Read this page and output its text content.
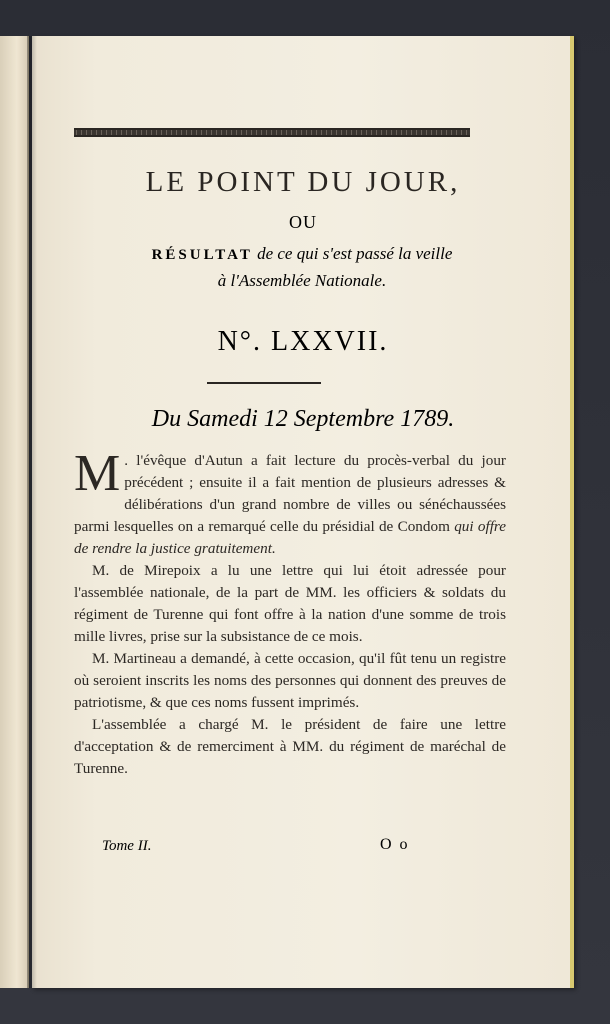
LE POINT DU JOUR,
OU
RÉSULTAT de ce qui s'est passé la veille
à l'Assemblée Nationale.
N°. LXXVII.
Du Samedi 12 Septembre 1789.

M . l'évêque d'Autun a fait lecture du procès-verbal du jour précédent ; ensuite il a fait mention de plusieurs adresses & délibérations d'un grand nombre de villes ou sénéchaussées parmi lesquelles on a remarqué celle du présidial de Condom qui offre de rendre la justice gratuitement.

M. de Mirepoix a lu une lettre qui lui étoit adressée pour l'assemblée nationale, de la part de MM. les officiers & soldats du régiment de Turenne qui font offre à la nation d'une somme de trois mille livres, prise sur la subsistance de ce mois.

M. Martineau a demandé, à cette occasion, qu'il fût tenu un registre où seroient inscrits les noms des personnes qui donnent des preuves de patriotisme, & que ces noms fussent imprimés.

L'assemblée a chargé M. le président de faire une lettre d'acceptation & de remerciment à MM. du régiment de maréchal de Turenne.

Tome II.	O o
